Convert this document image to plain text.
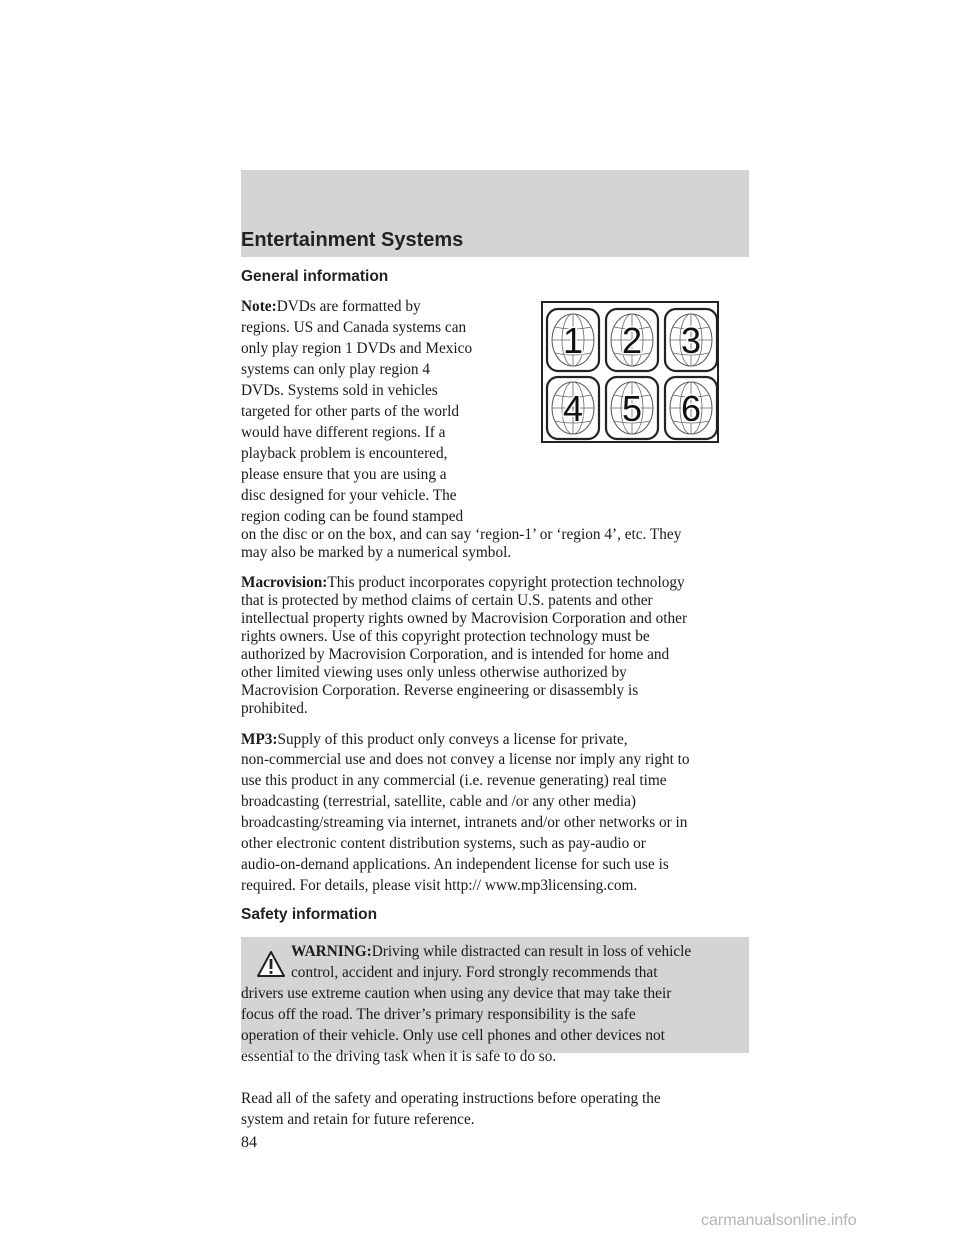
Entertainment Systems
General information
Note:DVDs are formatted by
regions. US and Canada systems can
only play region 1 DVDs and Mexico
systems can only play region 4
DVDs. Systems sold in vehicles
targeted for other parts of the world
would have different regions. If a
playback problem is encountered,
please ensure that you are using a
disc designed for your vehicle. The
region coding can be found stamped
on the disc or on the box, and can say ‘region-1’ or ‘region 4’, etc. They
may also be marked by a numerical symbol.
1 2 3
4 5 6
Macrovision:This product incorporates copyright protection technology
that is protected by method claims of certain U.S. patents and other
intellectual property rights owned by Macrovision Corporation and other
rights owners. Use of this copyright protection technology must be
authorized by Macrovision Corporation, and is intended for home and
other limited viewing uses only unless otherwise authorized by
Macrovision Corporation. Reverse engineering or disassembly is
prohibited.
MP3:Supply of this product only conveys a license for private,
non-commercial use and does not convey a license nor imply any right to
use this product in any commercial (i.e. revenue generating) real time
broadcasting (terrestrial, satellite, cable and /or any other media)
broadcasting/streaming via internet, intranets and/or other networks or in
other electronic content distribution systems, such as pay-audio or
audio-on-demand applications. An independent license for such use is
required. For details, please visit http:// www.mp3licensing.com.
Safety information
WARNING:Driving while distracted can result in loss of vehicle
control, accident and injury. Ford strongly recommends that
drivers use extreme caution when using any device that may take their
focus off the road. The driver’s primary responsibility is the safe
operation of their vehicle. Only use cell phones and other devices not
essential to the driving task when it is safe to do so.
Read all of the safety and operating instructions before operating the
system and retain for future reference.
84
carmanualsonline.info
